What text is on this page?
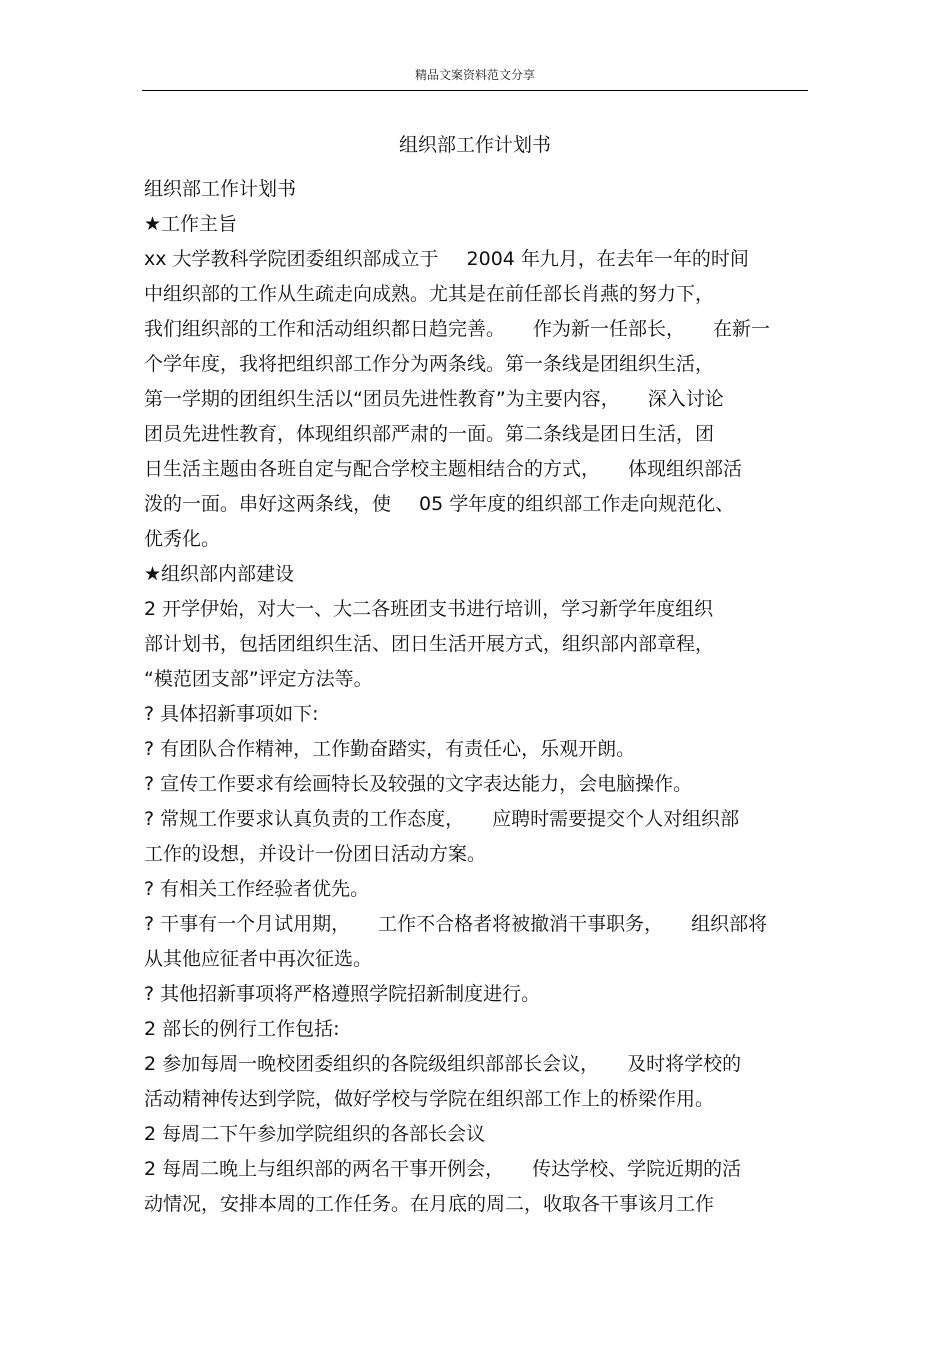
精品文案资料范文分享
组织部工作计划书
组织部工作计划书
★工作主旨
xx 大学教科学院团委组织部成立于 2004 年九月，在去年一年的时间
中组织部的工作从生疏走向成熟。尤其是在前任部长肖燕的努力下，
我们组织部的工作和活动组织都日趋完善。 作为新一任部长， 在新一
个学年度，我将把组织部工作分为两条线。第一条线是团组织生活，
第一学期的团组织生活以“团员先进性教育”为主要内容， 深入讨论
团员先进性教育，体现组织部严肃的一面。第二条线是团日生活，团
日生活主题由各班自定与配合学校主题相结合的方式， 体现组织部活
泼的一面。串好这两条线，使 05 学年度的组织部工作走向规范化、
优秀化。
★组织部内部建设
2 开学伊始，对大一、大二各班团支书进行培训，学习新学年度组织
部计划书，包括团组织生活、团日生活开展方式，组织部内部章程，
“模范团支部”评定方法等。
? 具体招新事项如下:
? 有团队合作精神，工作勤奋踏实，有责任心，乐观开朗。
? 宣传工作要求有绘画特长及较强的文字表达能力，会电脑操作。
? 常规工作要求认真负责的工作态度， 应聘时需要提交个人对组织部
工作的设想，并设计一份团日活动方案。
? 有相关工作经验者优先。
? 干事有一个月试用期， 工作不合格者将被撤消干事职务， 组织部将
从其他应征者中再次征选。
? 其他招新事项将严格遵照学院招新制度进行。
2 部长的例行工作包括:
2 参加每周一晚校团委组织的各院级组织部部长会议， 及时将学校的
活动精神传达到学院，做好学校与学院在组织部工作上的桥梁作用。
2 每周二下午参加学院组织的各部长会议
2 每周二晚上与组织部的两名干事开例会， 传达学校、学院近期的活
动情况，安排本周的工作任务。在月底的周二，收取各干事该月工作
